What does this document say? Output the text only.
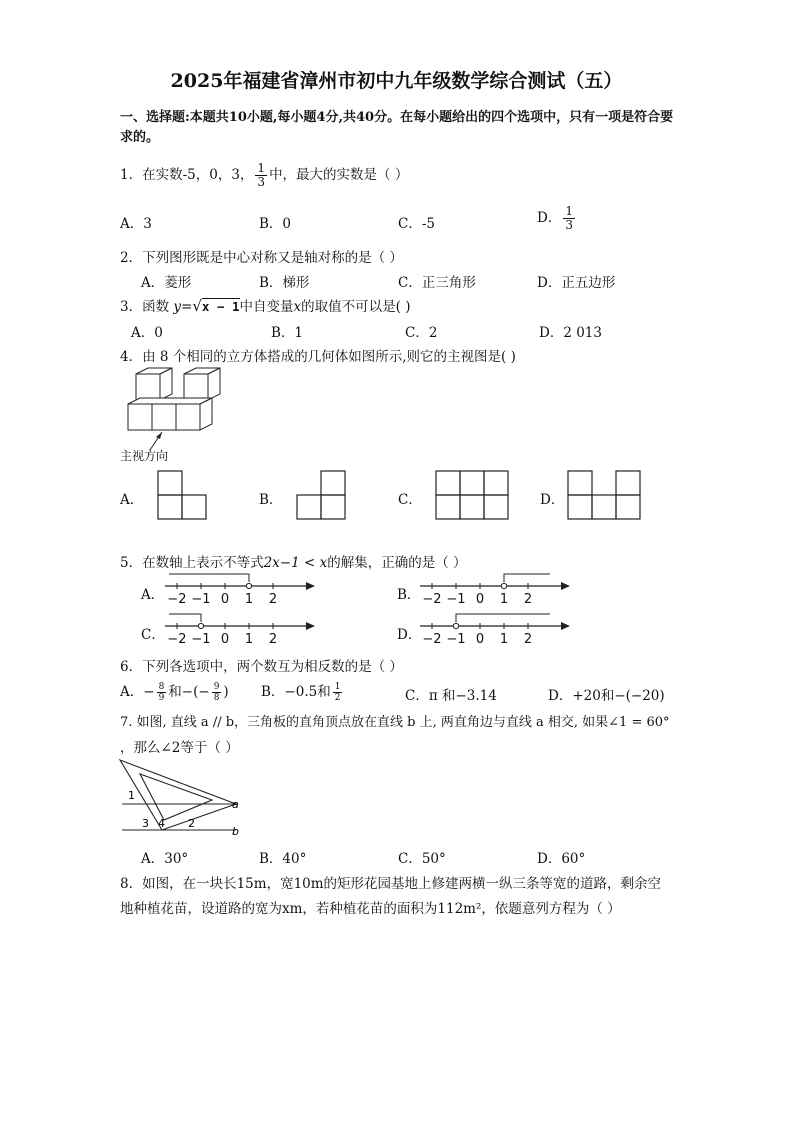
2025年福建省漳州市初中九年级数学综合测试（五）
一、选择题:本题共10小题,每小题4分,共40分。在每小题给出的四个选项中，只有一项是符合要求的。
1．在实数-5，0，3， $\frac{1}{3}$ 中，最大的实数是（ ）
A．3	B．0	C．-5	D． $\frac{1}{3}$
2．下列图形既是中心对称又是轴对称的是（ ）
A．菱形	B．梯形	C．正三角形	D．正五边形
3．函数 y=√x − 1中自变量x的取值不可以是( )
A．0	B．1	C．2	D．2 013
4．由 8 个相同的立方体搭成的几何体如图所示,则它的主视图是( )
主视方向
A．	B．	C．	D．
5．在数轴上表示不等式2x−1 < x的解集，正确的是（ ）
A．	B．
C．	D．
−2 −1 0 1 2	−2 −1 0 1 2
−2 −1 0 1 2	−2 −1 0 1 2
6．下列各选项中，两个数互为相反数的是（ ）
A．− $\frac{8}{9}$ 和−(− $\frac{9}{8}$ ) B．−0.5和 $\frac{1}{2}$	C．π 和−3.14	D．+20和−(−20)
7. 如图, 直线 a // b，三角板的直角顶点放在直线 b 上, 两直角边与直线 a 相交, 如果∠1 = 60°
，那么∠2等于（ ）
1
3 4 2
a
b
A．30°	B．40°	C．50°	D．60°
8．如图，在一块长15m，宽10m的矩形花园基地上修建两横一纵三条等宽的道路，剩余空
地种植花苗，设道路的宽为xm，若种植花苗的面积为112m²，依题意列方程为（ ）
